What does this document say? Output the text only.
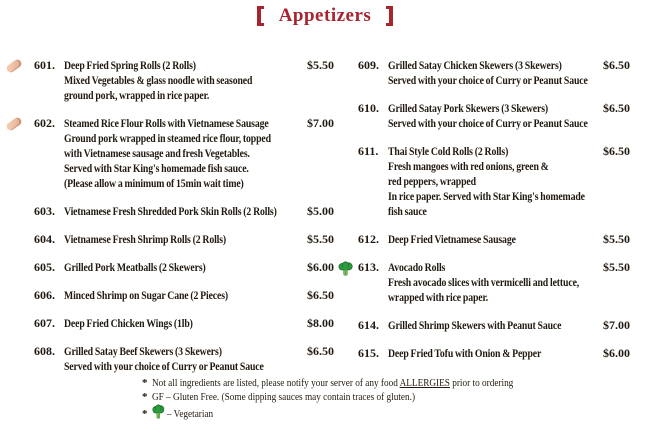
Appetizers
601. Deep Fried Spring Rolls (2 Rolls)
Mixed Vegetables & glass noodle with seasoned
ground pork, wrapped in rice paper.
$5.50
602. Steamed Rice Flour Rolls with Vietnamese Sausage
Ground pork wrapped in steamed rice flour, topped
with Vietnamese sausage and fresh Vegetables.
Served with Star King's homemade fish sauce.
(Please allow a minimum of 15min wait time)
$7.00
603. Vietnamese Fresh Shredded Pork Skin Rolls (2 Rolls)	$5.00
604. Vietnamese Fresh Shrimp Rolls (2 Rolls)	$5.50
605. Grilled Pork Meatballs (2 Skewers)	$6.00
606. Minced Shrimp on Sugar Cane (2 Pieces)	$6.50
607. Deep Fried Chicken Wings (1lb)	$8.00
608. Grilled Satay Beef Skewers (3 Skewers)
Served with your choice of Curry or Peanut Sauce
$6.50
609. Grilled Satay Chicken Skewers (3 Skewers)
Served with your choice of Curry or Peanut Sauce
$6.50
610. Grilled Satay Pork Skewers (3 Skewers)
Served with your choice of Curry or Peanut Sauce
$6.50
611. Thai Style Cold Rolls (2 Rolls)
Fresh mangoes with red onions, green &
red peppers, wrapped
In rice paper. Served with Star King's homemade
fish sauce
$6.50
612. Deep Fried Vietnamese Sausage	$5.50
613. Avocado Rolls
Fresh avocado slices with vermicelli and lettuce,
wrapped with rice paper.
$5.50
614. Grilled Shrimp Skewers with Peanut Sauce	$7.00
615. Deep Fried Tofu with Onion & Pepper	$6.00
* Not all ingredients are listed, please notify your server of any food ALLERGIES prior to ordering
* GF – Gluten Free. (Some dipping sauces may contain traces of gluten.)
* – Vegetarian
